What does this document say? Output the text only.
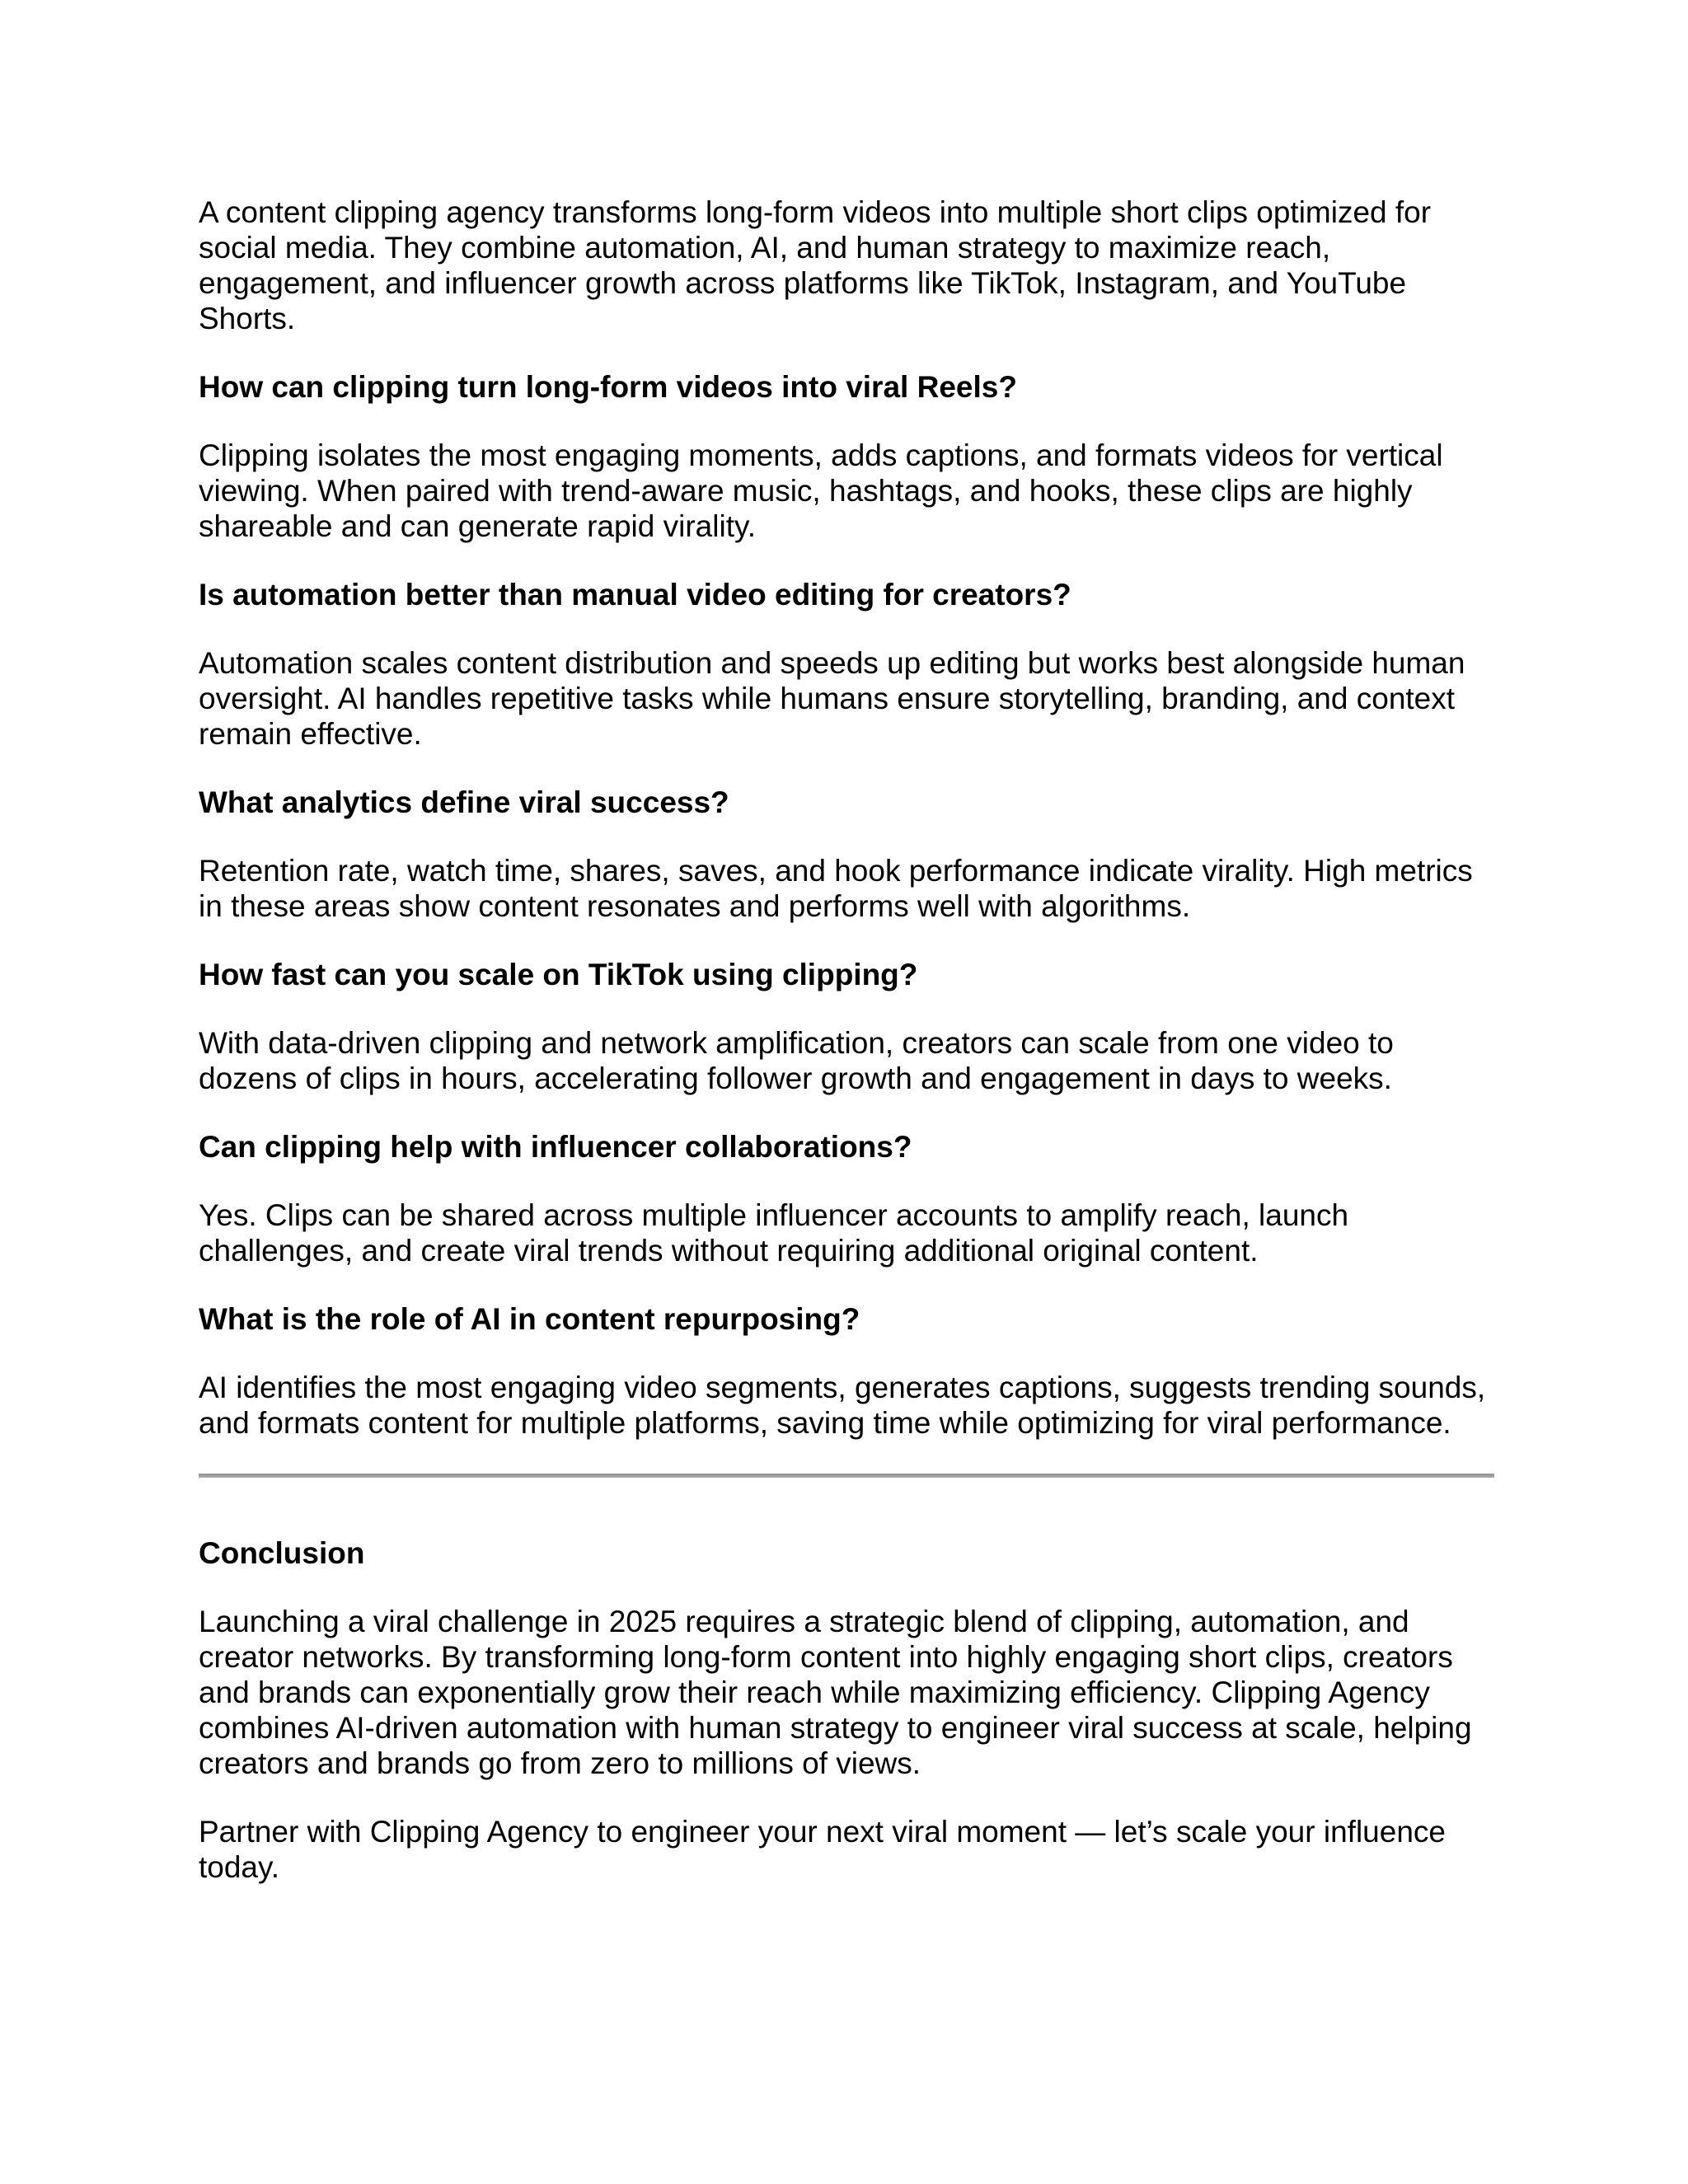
A content clipping agency transforms long-form videos into multiple short clips optimized for social media. They combine automation, AI, and human strategy to maximize reach, engagement, and influencer growth across platforms like TikTok, Instagram, and YouTube Shorts.

How can clipping turn long-form videos into viral Reels?

Clipping isolates the most engaging moments, adds captions, and formats videos for vertical viewing. When paired with trend-aware music, hashtags, and hooks, these clips are highly shareable and can generate rapid virality.

Is automation better than manual video editing for creators?

Automation scales content distribution and speeds up editing but works best alongside human oversight. AI handles repetitive tasks while humans ensure storytelling, branding, and context remain effective.

What analytics define viral success?

Retention rate, watch time, shares, saves, and hook performance indicate virality. High metrics in these areas show content resonates and performs well with algorithms.

How fast can you scale on TikTok using clipping?

With data-driven clipping and network amplification, creators can scale from one video to dozens of clips in hours, accelerating follower growth and engagement in days to weeks.

Can clipping help with influencer collaborations?

Yes. Clips can be shared across multiple influencer accounts to amplify reach, launch challenges, and create viral trends without requiring additional original content.

What is the role of AI in content repurposing?

AI identifies the most engaging video segments, generates captions, suggests trending sounds, and formats content for multiple platforms, saving time while optimizing for viral performance.

Conclusion

Launching a viral challenge in 2025 requires a strategic blend of clipping, automation, and creator networks. By transforming long-form content into highly engaging short clips, creators and brands can exponentially grow their reach while maximizing efficiency. Clipping Agency combines AI-driven automation with human strategy to engineer viral success at scale, helping creators and brands go from zero to millions of views.

Partner with Clipping Agency to engineer your next viral moment — let’s scale your influence today.
